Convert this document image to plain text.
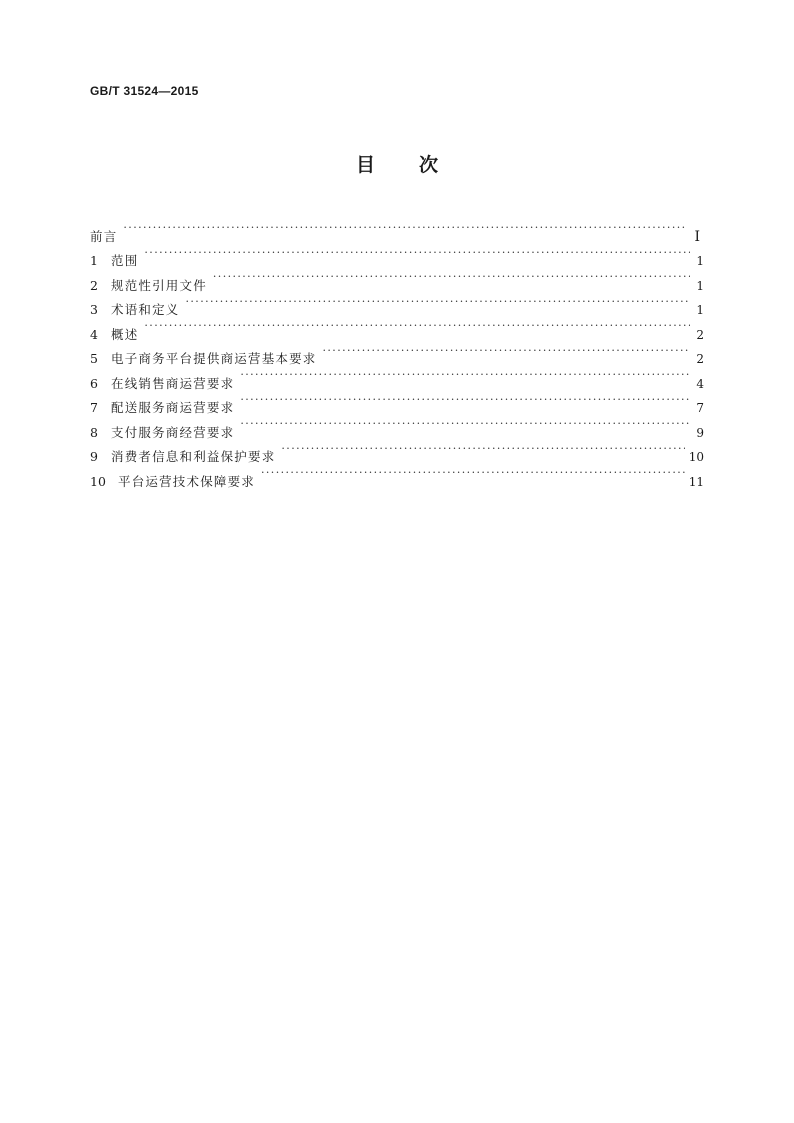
GB/T 31524—2015
目 次
前言 ·····	I
1	范围 ·····	1
2	规范性引用文件 ·····	1
3	术语和定义 ·····	1
4	概述 ·····	2
5	电子商务平台提供商运营基本要求 ·····	2
6	在线销售商运营要求 ·····	4
7	配送服务商运营要求 ·····	7
8	支付服务商经营要求 ·····	9
9	消费者信息和利益保护要求 ·····	10
10 平台运营技术保障要求 ·····	11
